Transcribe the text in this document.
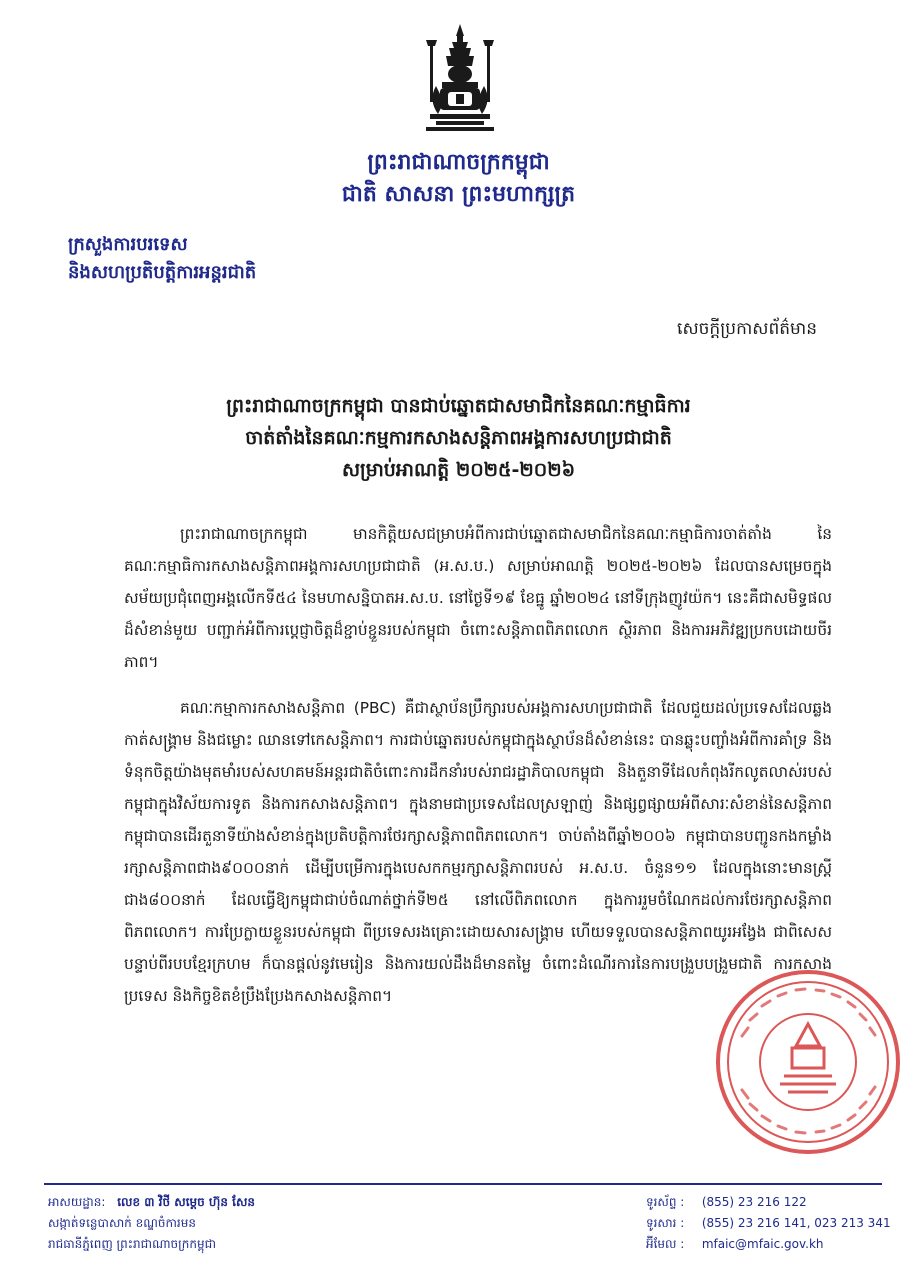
ព្រះរាជាណាចក្រកម្ពុជា
ជាតិ សាសនា ព្រះមហាក្សត្រ
ក្រសួងការបរទេស
និងសហប្រតិបត្តិការអន្តរជាតិ
សេចក្តីប្រកាសព័ត៌មាន
ព្រះរាជាណាចក្រកម្ពុជា បានជាប់ឆ្នោតជាសមាជិកនៃគណៈកម្មាធិការ
ចាត់តាំងនៃគណៈកម្មការកសាងសន្តិភាពអង្គការសហប្រជាជាតិ
សម្រាប់អាណត្តិ ២០២៥-២០២៦

ព្រះរាជាណាចក្រកម្ពុជា មានកិត្តិយសជម្រាបអំពីការជាប់ឆ្នោតជាសមាជិកនៃគណៈកម្មាធិការចាត់តាំង នៃគណៈកម្មាធិការកសាងសន្តិភាពអង្គការសហប្រជាជាតិ (អ.ស.ប.) សម្រាប់អាណត្តិ ២០២៥-២០២៦ ដែលបានសម្រេចក្នុងសម័យប្រជុំពេញអង្គលើកទី៥៤ នៃមហាសន្និបាតអ.ស.ប. នៅថ្ងៃទី១៩ ខែធ្នូ ឆ្នាំ២០២៤ នៅទីក្រុងញូវយ៉ក។ នេះគឺជាសមិទ្ធផលដ៏សំខាន់មួយ បញ្ជាក់អំពីការប្តេជ្ញាចិត្តដ៏ខ្ជាប់ខ្ជួនរបស់កម្ពុជា ចំពោះសន្តិភាពពិភពលោក ស្ថិរភាព និងការអភិវឌ្ឍប្រកបដោយចីរភាព។

គណៈកម្មាការកសាងសន្តិភាព (PBC) គឺជាស្ថាប័នប្រឹក្សារបស់អង្គការសហប្រជាជាតិ ដែលជួយដល់ប្រទេសដែលឆ្លងកាត់សង្គ្រាម និងជម្លោះ ឈានទៅកេសន្តិភាព។ ការជាប់ឆ្នោតរបស់កម្ពុជាក្នុងស្ថាប័នដ៏សំខាន់នេះ បានឆ្លុះបញ្ចាំងអំពីការគាំទ្រ និងទំនុកចិត្តយ៉ាងមុតមាំរបស់សហគមន៍អន្តរជាតិចំពោះការដឹកនាំរបស់រាជរដ្ឋាភិបាលកម្ពុជា និងតួនាទីដែលកំពុងរីកលូតលាស់របស់កម្ពុជាក្នុងវិស័យការទូត និងការកសាងសន្តិភាព។ ក្នុងនាមជាប្រទេសដែលស្រឡាញ់ និងផ្សព្វផ្សាយអំពីសារៈសំខាន់នៃសន្តិភាព កម្ពុជាបានដើរតួនាទីយ៉ាងសំខាន់ក្នុងប្រតិបត្តិការថែរក្សាសន្តិភាពពិភពលោក។ ចាប់តាំងពីឆ្នាំ២០០៦ កម្ពុជាបានបញ្ជូនកងកម្លាំងរក្សាសន្តិភាពជាង៩០០០នាក់ ដើម្បីបម្រើការក្នុងបេសកកម្មរក្សាសន្តិភាពរបស់ អ.ស.ប. ចំនួន១១ ដែលក្នុងនោះមានស្ត្រីជាង៨០០នាក់ ដែលធ្វើឱ្យកម្ពុជាជាប់ចំណាត់ថ្នាក់ទី២៥ នៅលើពិភពលោក ក្នុងការរួមចំណែកដល់ការថែរក្សាសន្តិភាពពិភពលោក។ ការប្រែក្លាយខ្លួនរបស់កម្ពុជា ពីប្រទេសរងគ្រោះដោយសារសង្គ្រាម ហើយទទួលបានសន្តិភាពយូរអង្វែង ជាពិសេសបន្ទាប់ពីរបបខ្មែរក្រហម ក៏បានផ្តល់នូវមេរៀន និងការយល់ដឹងដ៏មានតម្លៃ ចំពោះដំណើរការនៃការបង្រួបបង្រួមជាតិ ការកសាងប្រទេស និងកិច្ចខិតខំប្រឹងប្រែងកសាងសន្តិភាព។

អាសយដ្ឋាន: លេខ ៣ វិថី សម្តេច ហ៊ុន សែន
សង្កាត់ទន្លេបាសាក់ ខណ្ឌចំការមន
រាជធានីភ្នំពេញ ព្រះរាជាណាចក្រកម្ពុជា
ទូរស័ព្ទ : (855) 23 216 122
ទូរសារ : (855) 23 216 141, 023 213 341
អ៊ីមែល : mfaic@mfaic.gov.kh
